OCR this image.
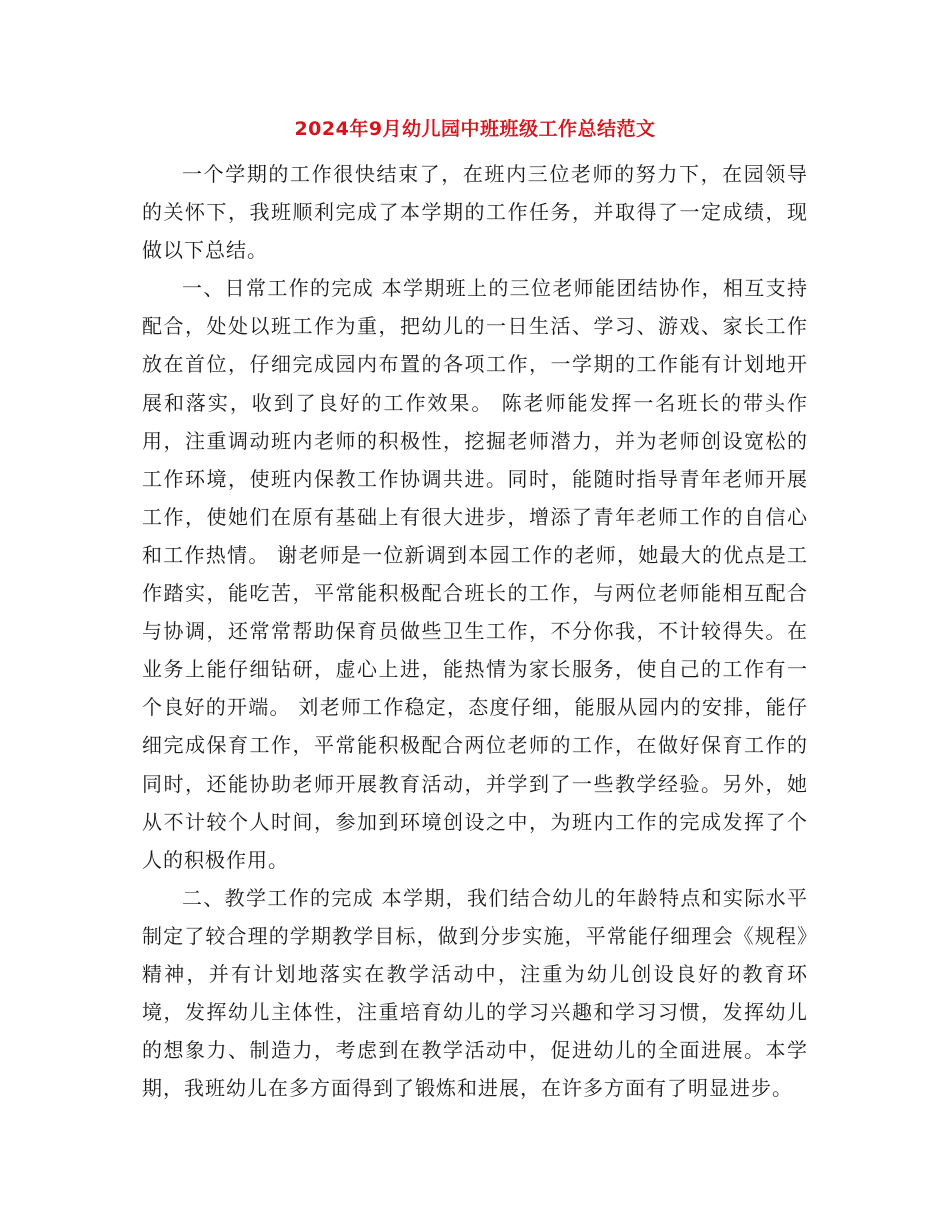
2024年9月幼儿园中班班级工作总结范文

一个学期的工作很快结束了，在班内三位老师的努力下，在园领导的关怀下，我班顺利完成了本学期的工作任务，并取得了一定成绩，现做以下总结。

一、日常工作的完成 本学期班上的三位老师能团结协作，相互支持配合，处处以班工作为重，把幼儿的一日生活、学习、游戏、家长工作放在首位，仔细完成园内布置的各项工作，一学期的工作能有计划地开展和落实，收到了良好的工作效果。 陈老师能发挥一名班长的带头作用，注重调动班内老师的积极性，挖掘老师潜力，并为老师创设宽松的工作环境，使班内保教工作协调共进。同时，能随时指导青年老师开展工作，使她们在原有基础上有很大进步，增添了青年老师工作的自信心和工作热情。 谢老师是一位新调到本园工作的老师，她最大的优点是工作踏实，能吃苦，平常能积极配合班长的工作，与两位老师能相互配合与协调，还常常帮助保育员做些卫生工作，不分你我，不计较得失。在业务上能仔细钻研，虚心上进，能热情为家长服务，使自己的工作有一个良好的开端。 刘老师工作稳定，态度仔细，能服从园内的安排，能仔细完成保育工作，平常能积极配合两位老师的工作，在做好保育工作的同时，还能协助老师开展教育活动，并学到了一些教学经验。另外，她从不计较个人时间，参加到环境创设之中，为班内工作的完成发挥了个人的积极作用。

二、教学工作的完成 本学期，我们结合幼儿的年龄特点和实际水平制定了较合理的学期教学目标，做到分步实施，平常能仔细理会《规程》精神，并有计划地落实在教学活动中，注重为幼儿创设良好的教育环境，发挥幼儿主体性，注重培育幼儿的学习兴趣和学习习惯，发挥幼儿的想象力、制造力，考虑到在教学活动中，促进幼儿的全面进展。本学期，我班幼儿在多方面得到了锻炼和进展，在许多方面有了明显进步。
